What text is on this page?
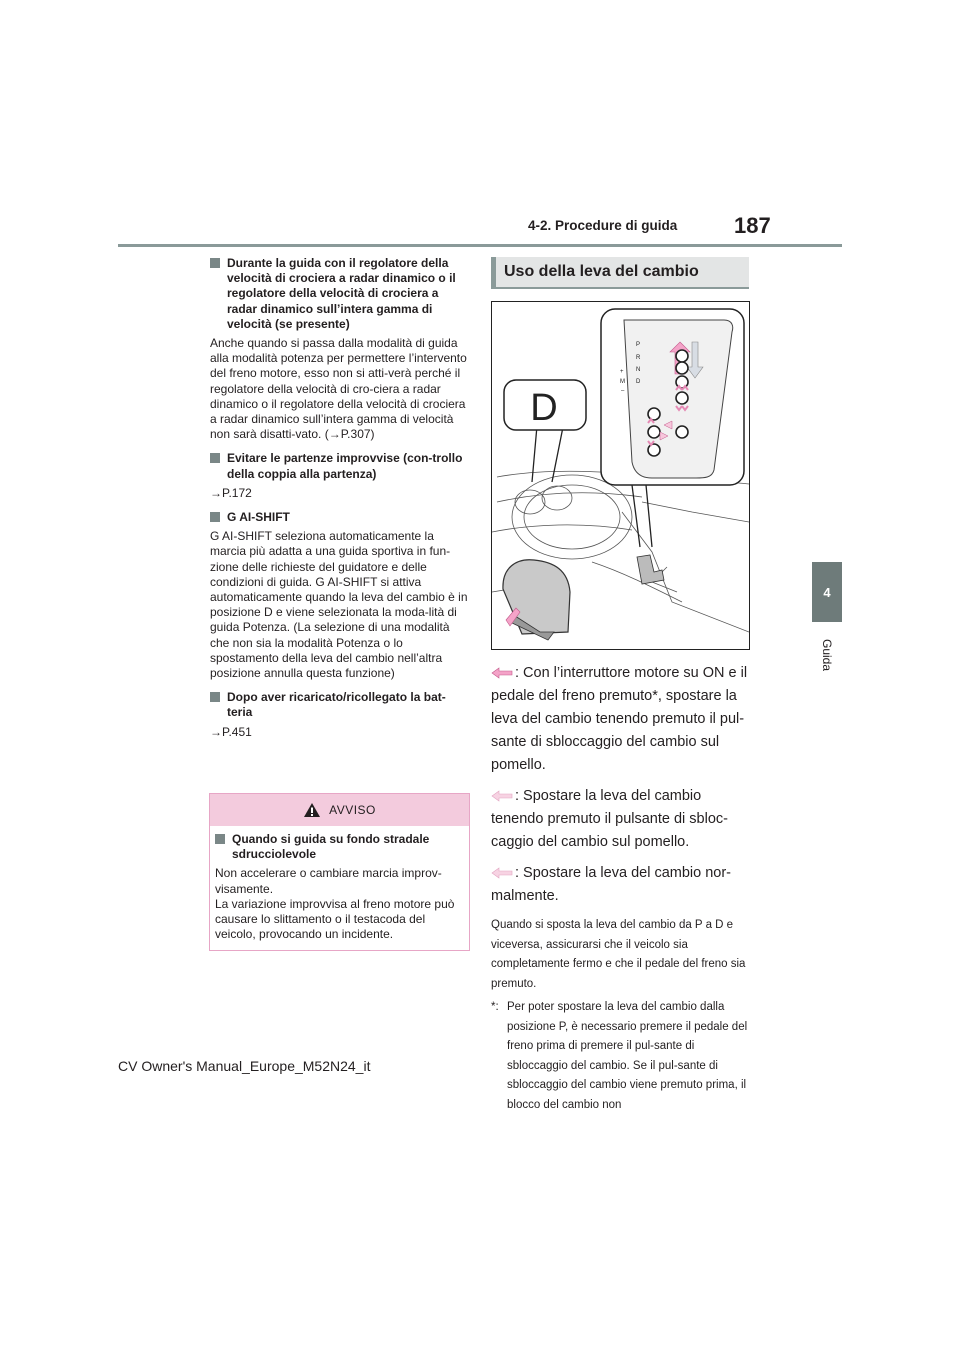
4-2. Procedure di guida	187
4
Guida
Durante la guida con il regolatore della velocità di crociera a radar dinamico o il regolatore della velocità di crociera a radar dinamico sull’intera gamma di velocità (se presente)

Anche quando si passa dalla modalità di guida alla modalità potenza per permettere l’intervento del freno motore, esso non si atti-verà perché il regolatore della velocità di cro-ciera a radar dinamico o il regolatore della velocità di crociera a radar dinamico sull’intera gamma di velocità non sarà disatti-vato. (→P.307)

Evitare le partenze improvvise (con-trollo della coppia alla partenza)

→P.172

G AI-SHIFT

G AI-SHIFT seleziona automaticamente la marcia più adatta a una guida sportiva in fun-zione delle richieste del guidatore e delle condizioni di guida. G AI-SHIFT si attiva automaticamente quando la leva del cambio è in posizione D e viene selezionata la moda-lità di guida Potenza. (La selezione di una modalità che non sia la modalità Potenza o lo spostamento della leva del cambio nell’altra posizione annulla questa funzione)

Dopo aver ricaricato/ricollegato la bat-teria

→P.451

AVVISO
Quando si guida su fondo stradale sdrucciolevole
Non accelerare o cambiare marcia improv-visamente.
La variazione improvvisa al freno motore può causare lo slittamento o il testacoda del veicolo, provocando un incidente.
Uso della leva del cambio
D
P
R
N
D
+
M
–

: Con l’interruttore motore su ON e il pedale del freno premuto*, spostare la leva del cambio tenendo premuto il pul-sante di sbloccaggio del cambio sul pomello.

: Spostare la leva del cambio tenendo premuto il pulsante di sbloc-caggio del cambio sul pomello.

: Spostare la leva del cambio nor-malmente.

Quando si sposta la leva del cambio da P a D e viceversa, assicurarsi che il veicolo sia completamente fermo e che il pedale del freno sia premuto.

*: Per poter spostare la leva del cambio dalla posizione P, è necessario premere il pedale del freno prima di premere il pul-sante di sbloccaggio del cambio. Se il pul-sante di sbloccaggio del cambio viene premuto prima, il blocco del cambio non
CV Owner's Manual_Europe_M52N24_it
